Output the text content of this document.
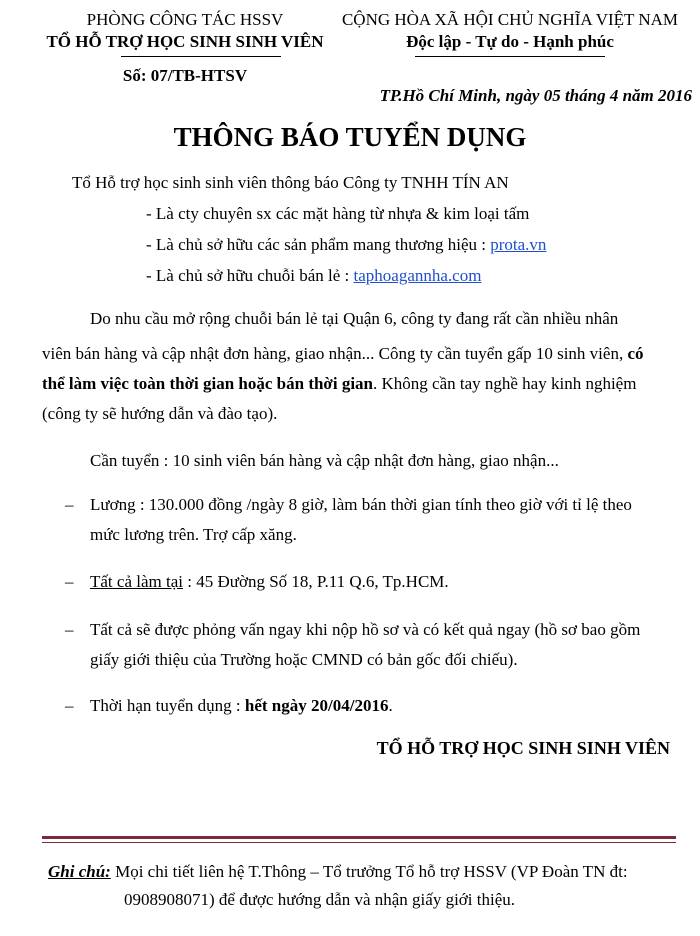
PHÒNG CÔNG TÁC HSSV
TỔ HỖ TRỢ HỌC SINH SINH VIÊN
Số: 07/TB-HTSV
CỘNG HÒA XÃ HỘI CHỦ NGHĨA VIỆT NAM
Độc lập - Tự do - Hạnh phúc
TP.Hồ Chí Minh, ngày 05 tháng 4 năm 2016
THÔNG BÁO TUYỂN DỤNG
Tổ Hỗ trợ học sinh sinh viên thông báo Công ty TNHH TÍN AN
- Là cty chuyên sx các mặt hàng từ nhựa & kim loại tấm
- Là chủ sở hữu các sản phẩm mang thương hiệu : prota.vn
- Là chủ sở hữu chuỗi bán lẻ : taphoagannha.com
Do nhu cầu mở rộng chuỗi bán lẻ tại Quận 6, công ty đang rất cần nhiều nhân
viên bán hàng và cập nhật đơn hàng, giao nhận... Công ty cần tuyển gấp 10 sinh viên, có
thể làm việc toàn thời gian hoặc bán thời gian. Không cần tay nghề hay kinh nghiệm
(công ty sẽ hướng dẫn và đào tạo).
Cần tuyển : 10 sinh viên bán hàng và cập nhật đơn hàng, giao nhận...
– Lương : 130.000 đồng /ngày 8 giờ, làm bán thời gian tính theo giờ với tỉ lệ theo
mức lương trên. Trợ cấp xăng.
– Tất cả làm tại : 45 Đường Số 18, P.11 Q.6, Tp.HCM.
– Tất cả sẽ được phỏng vấn ngay khi nộp hồ sơ và có kết quả ngay (hồ sơ bao gồm
giấy giới thiệu của Trường hoặc CMND có bản gốc đối chiếu).
– Thời hạn tuyển dụng : hết ngày 20/04/2016.
TỔ HỖ TRỢ HỌC SINH SINH VIÊN
Ghi chú: Mọi chi tiết liên hệ T.Thông – Tổ trưởng Tổ hỗ trợ HSSV (VP Đoàn TN đt:
0908908071) để được hướng dẫn và nhận giấy giới thiệu.
